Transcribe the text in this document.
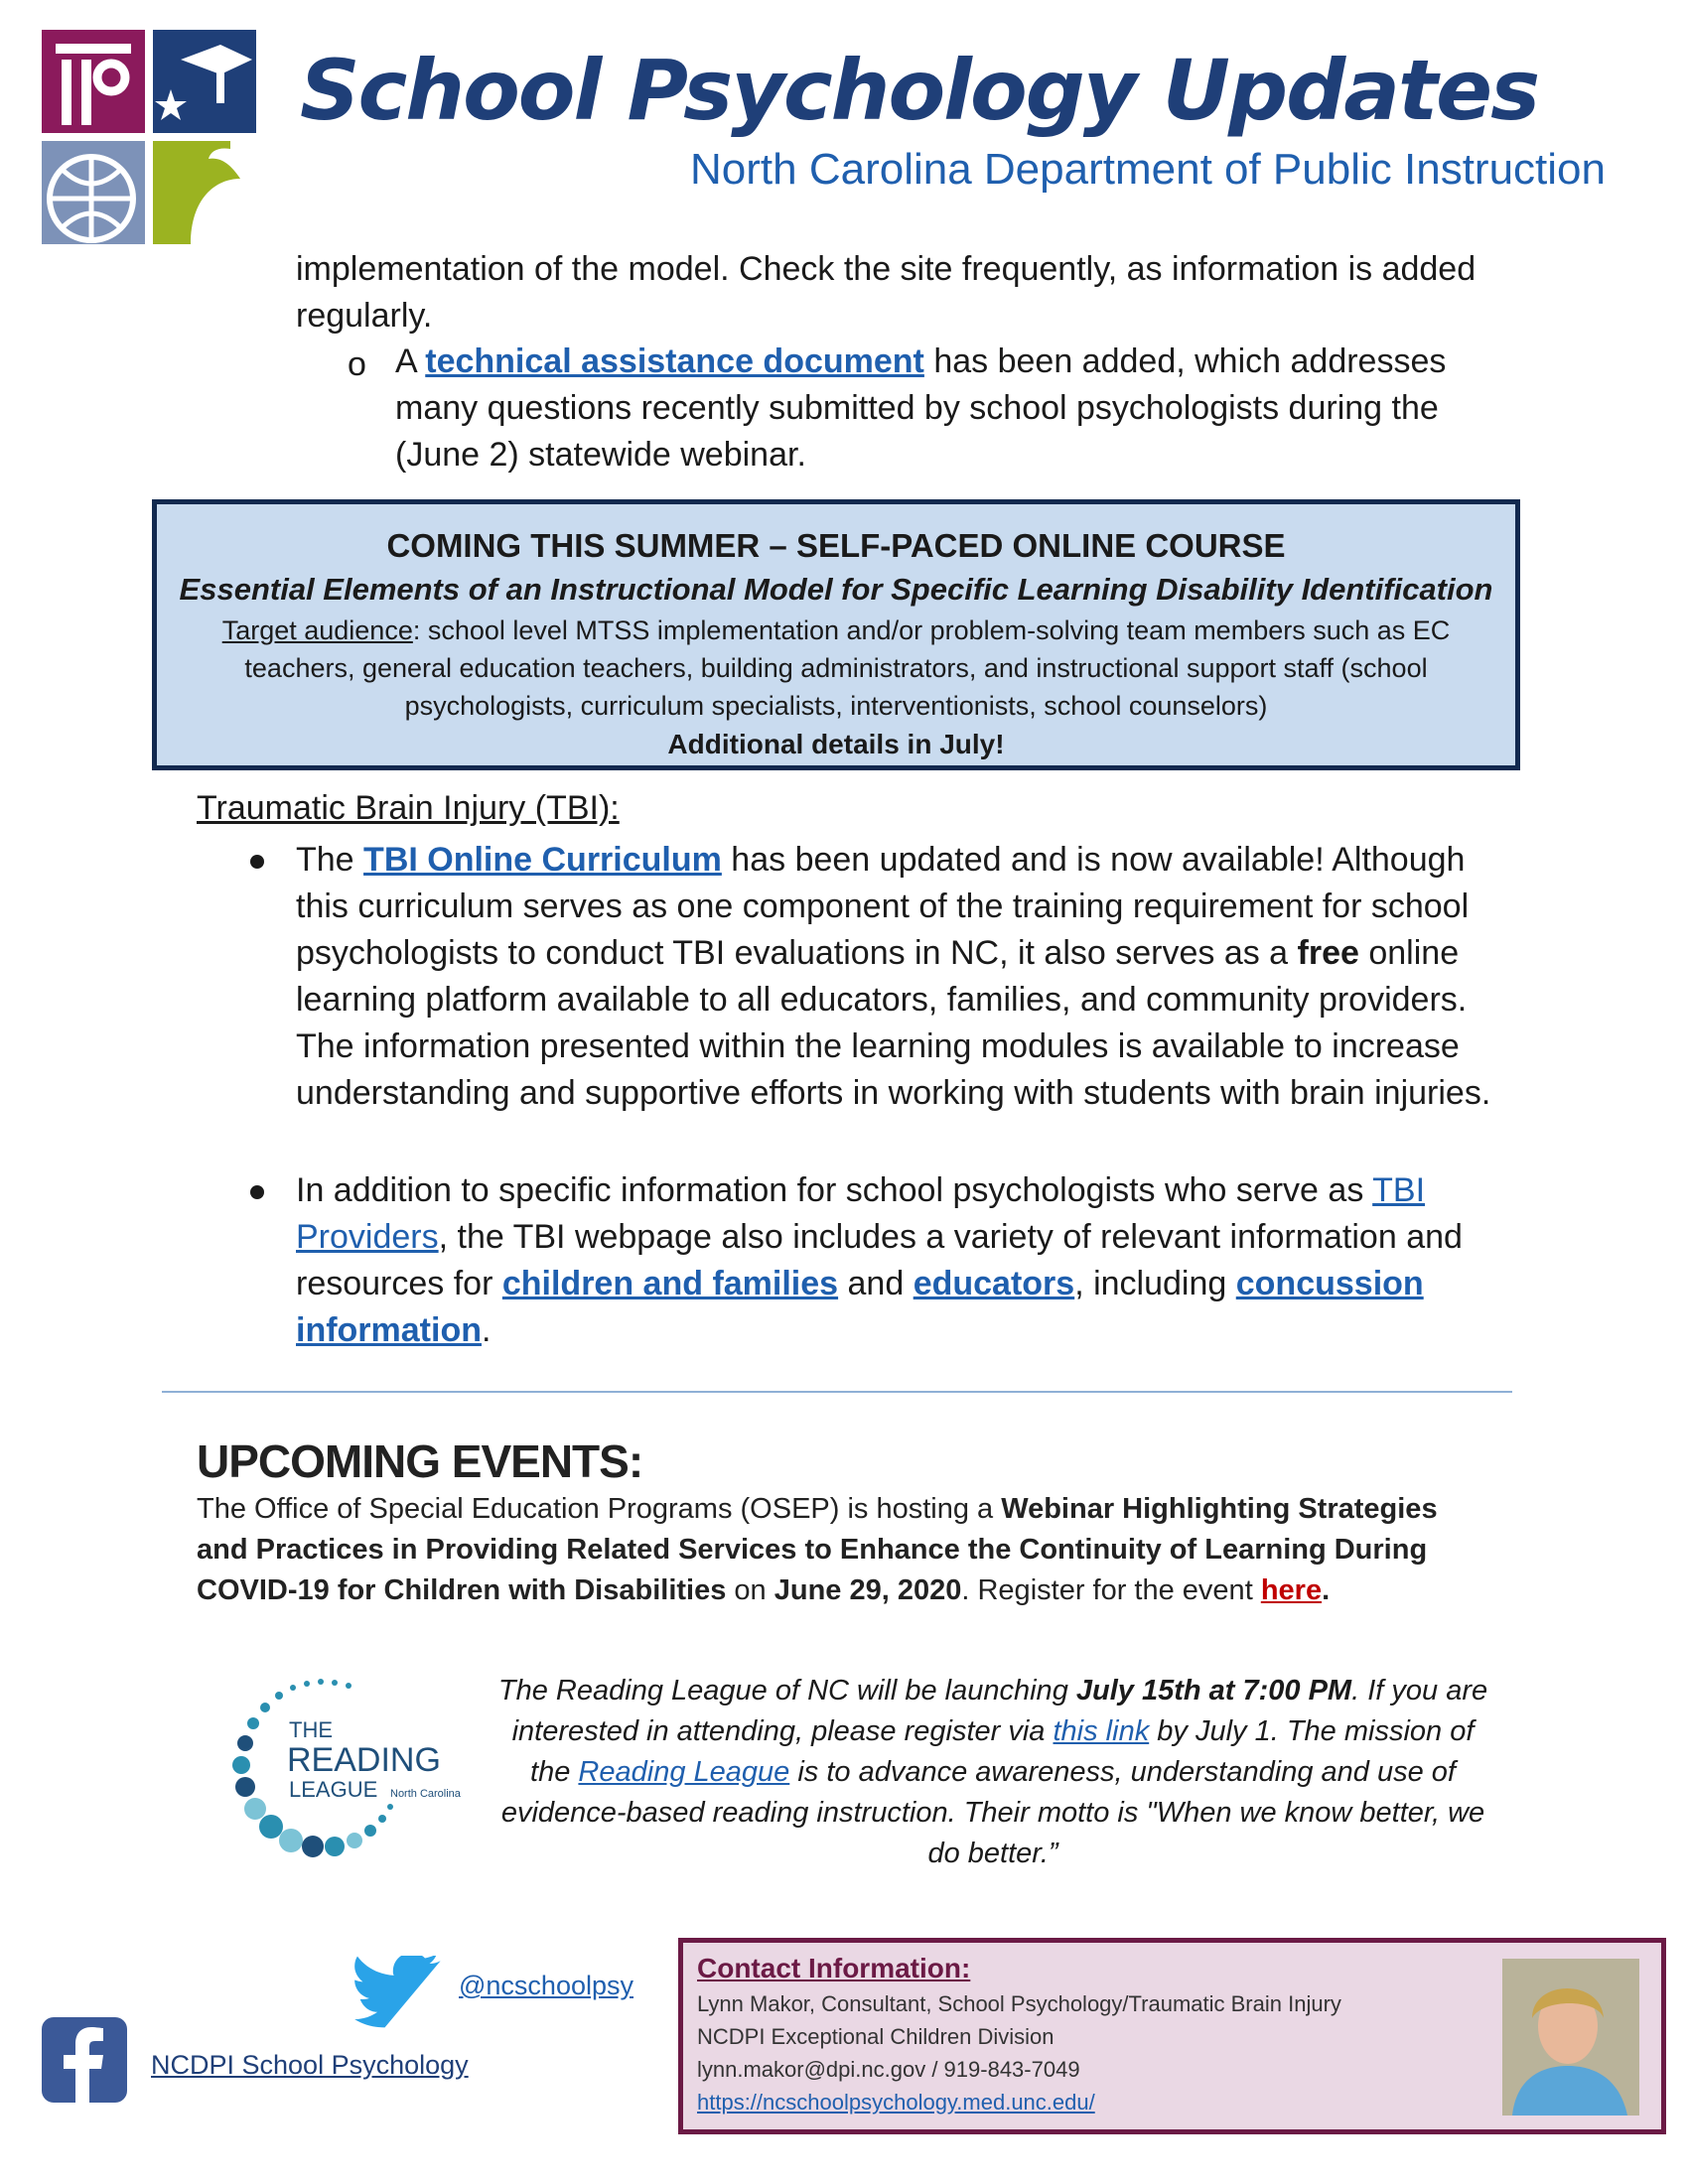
School Psychology Updates
North Carolina Department of Public Instruction
implementation of the model. Check the site frequently, as information is added regularly.
o A technical assistance document has been added, which addresses many questions recently submitted by school psychologists during the (June 2) statewide webinar.
COMING THIS SUMMER – SELF-PACED ONLINE COURSE
Essential Elements of an Instructional Model for Specific Learning Disability Identification
Target audience: school level MTSS implementation and/or problem-solving team members such as EC teachers, general education teachers, building administrators, and instructional support staff (school psychologists, curriculum specialists, interventionists, school counselors)
Additional details in July!
Traumatic Brain Injury (TBI):
The TBI Online Curriculum has been updated and is now available! Although this curriculum serves as one component of the training requirement for school psychologists to conduct TBI evaluations in NC, it also serves as a free online learning platform available to all educators, families, and community providers. The information presented within the learning modules is available to increase understanding and supportive efforts in working with students with brain injuries.
In addition to specific information for school psychologists who serve as TBI Providers, the TBI webpage also includes a variety of relevant information and resources for children and families and educators, including concussion information.
UPCOMING EVENTS:
The Office of Special Education Programs (OSEP) is hosting a Webinar Highlighting Strategies and Practices in Providing Related Services to Enhance the Continuity of Learning During COVID-19 for Children with Disabilities on June 29, 2020. Register for the event here.
THE
READING
LEAGUE North Carolina
The Reading League of NC will be launching July 15th at 7:00 PM. If you are interested in attending, please register via this link by July 1. The mission of the Reading League is to advance awareness, understanding and use of evidence-based reading instruction. Their motto is "When we know better, we do better.”
@ncschoolpsy
NCDPI School Psychology
Contact Information:
Lynn Makor, Consultant, School Psychology/Traumatic Brain Injury
NCDPI Exceptional Children Division
lynn.makor@dpi.nc.gov / 919-843-7049
https://ncschoolpsychology.med.unc.edu/
